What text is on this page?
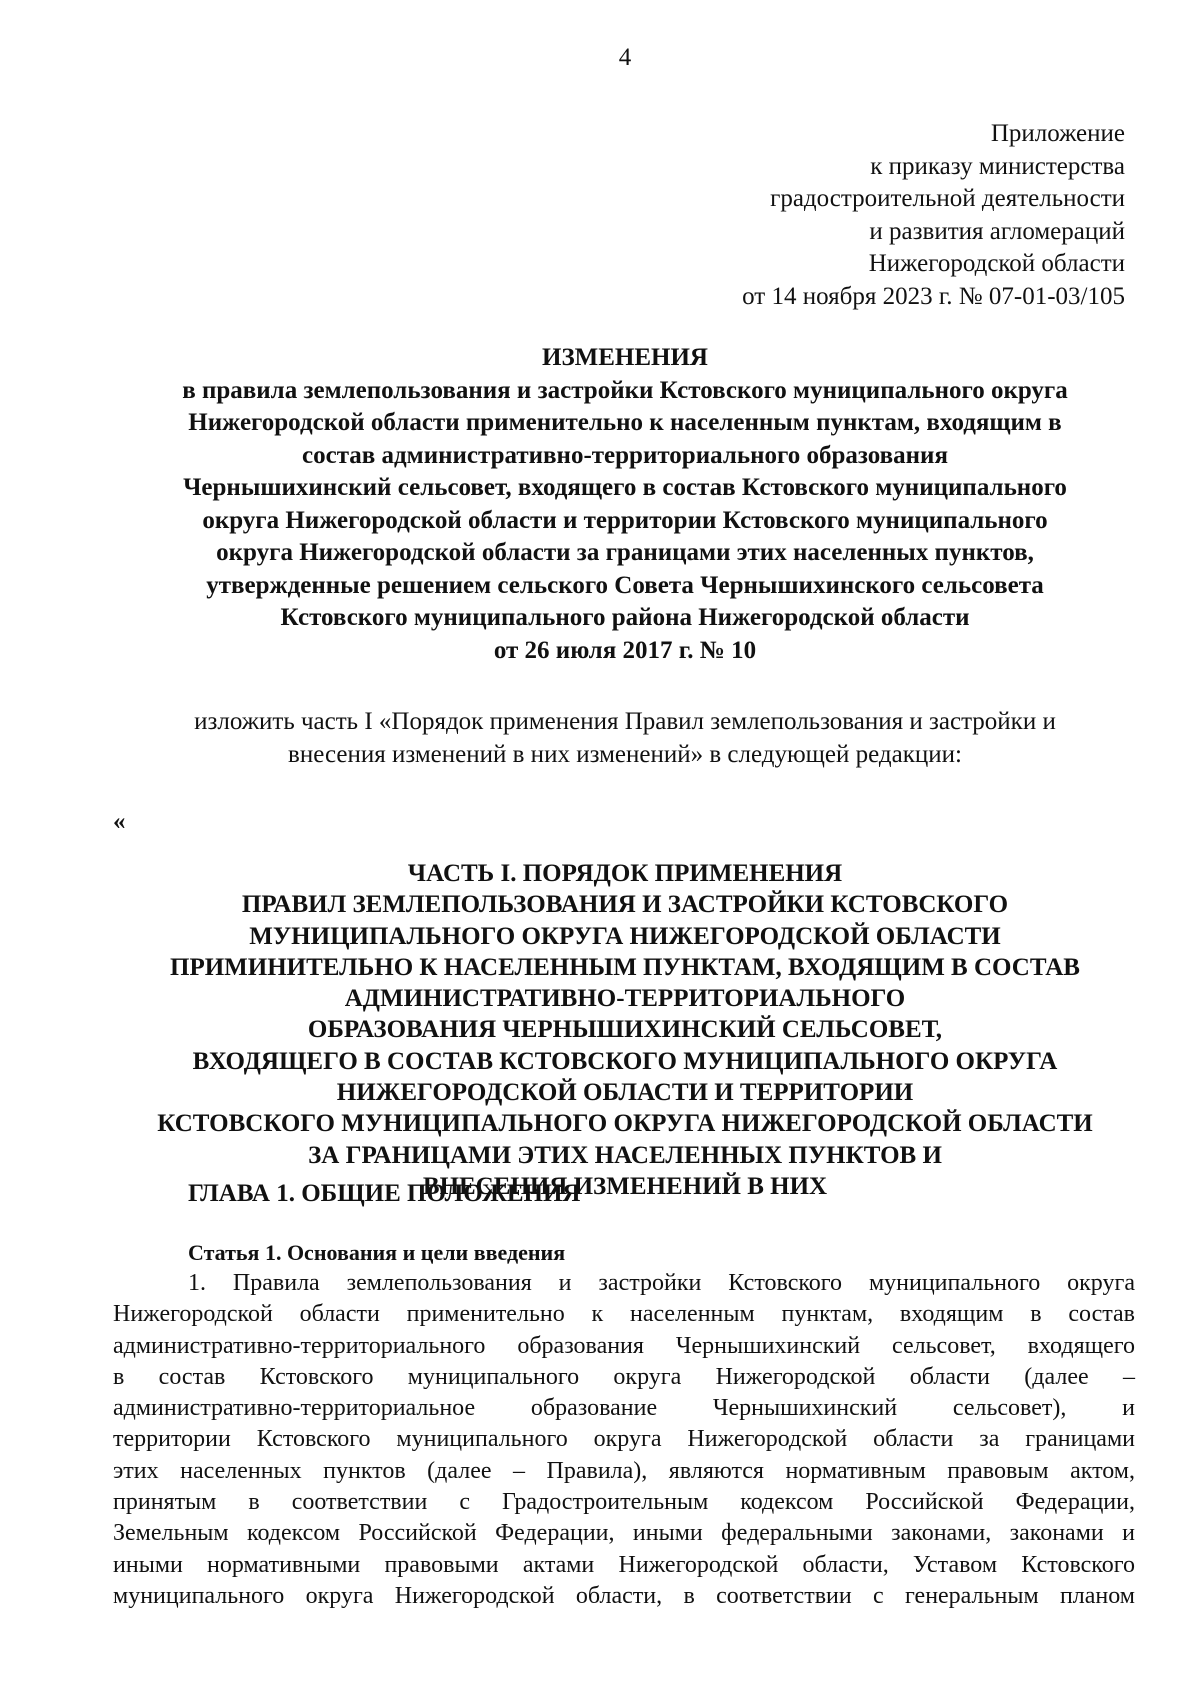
4
Приложение
к приказу министерства
градостроительной деятельности
и развития агломераций
Нижегородской области
от 14 ноября 2023 г. № 07-01-03/105
ИЗМЕНЕНИЯ
в правила землепользования и застройки Кстовского муниципального округа
Нижегородской области применительно к населенным пунктам, входящим в
состав административно-территориального образования
Чернышихинский сельсовет, входящего в состав Кстовского муниципального
округа Нижегородской области и территории Кстовского муниципального
округа Нижегородской области за границами этих населенных пунктов,
утвержденные решением сельского Совета Чернышихинского сельсовета
Кстовского муниципального района Нижегородской области
от 26 июля 2017 г. № 10
изложить часть I «Порядок применения Правил землепользования и застройки и
внесения изменений в них изменений» в следующей редакции:
«
ЧАСТЬ I. ПОРЯДОК ПРИМЕНЕНИЯ
ПРАВИЛ ЗЕМЛЕПОЛЬЗОВАНИЯ И ЗАСТРОЙКИ КСТОВСКОГО
МУНИЦИПАЛЬНОГО ОКРУГА НИЖЕГОРОДСКОЙ ОБЛАСТИ
ПРИМИНИТЕЛЬНО К НАСЕЛЕННЫМ ПУНКТАМ, ВХОДЯЩИМ В СОСТАВ
АДМИНИСТРАТИВНО-ТЕРРИТОРИАЛЬНОГО
ОБРАЗОВАНИЯ ЧЕРНЫШИХИНСКИЙ СЕЛЬСОВЕТ,
ВХОДЯЩЕГО В СОСТАВ КСТОВСКОГО МУНИЦИПАЛЬНОГО ОКРУГА
НИЖЕГОРОДСКОЙ ОБЛАСТИ И ТЕРРИТОРИИ
КСТОВСКОГО МУНИЦИПАЛЬНОГО ОКРУГА НИЖЕГОРОДСКОЙ ОБЛАСТИ
ЗА ГРАНИЦАМИ ЭТИХ НАСЕЛЕННЫХ ПУНКТОВ И
ВНЕСЕНИЯ ИЗМЕНЕНИЙ В НИХ
ГЛАВА 1. ОБЩИЕ ПОЛОЖЕНИЯ
Статья 1. Основания и цели введения
1. Правила землепользования и застройки Кстовского муниципального округа
Нижегородской области применительно к населенным пунктам, входящим в состав
административно-территориального образования Чернышихинский сельсовет, входящего
в состав Кстовского муниципального округа Нижегородской области (далее –
административно-территориальное образование Чернышихинский сельсовет), и
территории Кстовского муниципального округа Нижегородской области за границами
этих населенных пунктов (далее – Правила), являются нормативным правовым актом,
принятым в соответствии с Градостроительным кодексом Российской Федерации,
Земельным кодексом Российской Федерации, иными федеральными законами, законами и
иными нормативными правовыми актами Нижегородской области, Уставом Кстовского
муниципального округа Нижегородской области, в соответствии с генеральным планом
